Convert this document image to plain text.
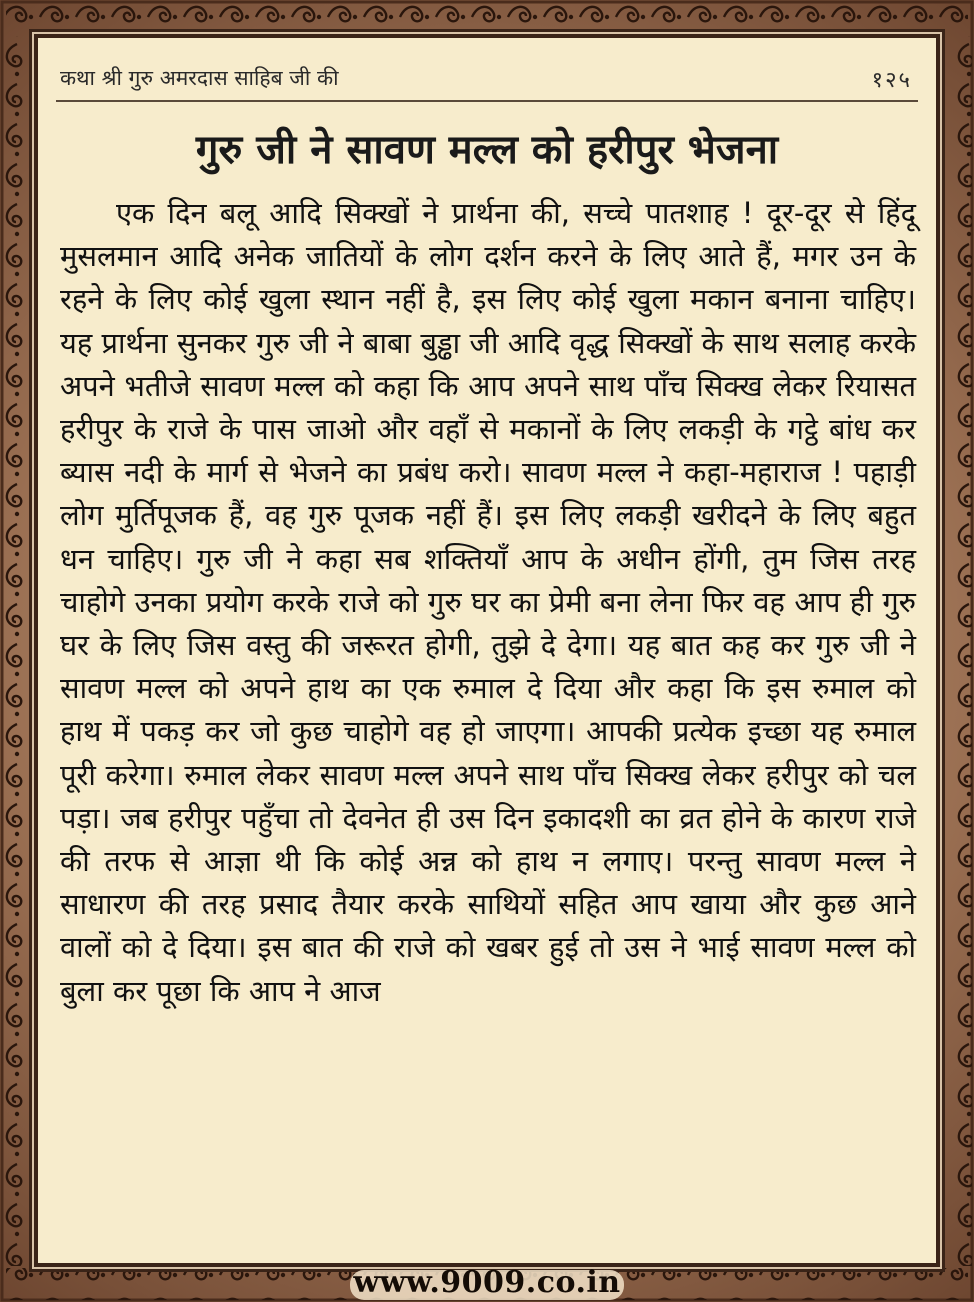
कथा श्री गुरु अमरदास साहिब जी की	१२५
गुरु जी ने सावण मल्ल को हरीपुर भेजना

एक दिन बलू आदि सिक्खों ने प्रार्थना की, सच्चे पातशाह ! दूर-दूर से हिंदू मुसलमान आदि अनेक जातियों के लोग दर्शन करने के लिए आते हैं, मगर उन के रहने के लिए कोई खुला स्थान नहीं है, इस लिए कोई खुला मकान बनाना चाहिए। यह प्रार्थना सुनकर गुरु जी ने बाबा बुड्ढा जी आदि वृद्ध सिक्खों के साथ सलाह करके अपने भतीजे सावण मल्ल को कहा कि आप अपने साथ पाँच सिक्ख लेकर रियासत हरीपुर के राजे के पास जाओ और वहाँ से मकानों के लिए लकड़ी के गट्ठे बांध कर ब्यास नदी के मार्ग से भेजने का प्रबंध करो। सावण मल्ल ने कहा-महाराज ! पहाड़ी लोग मुर्तिपूजक हैं, वह गुरु पूजक नहीं हैं। इस लिए लकड़ी खरीदने के लिए बहुत धन चाहिए। गुरु जी ने कहा सब शक्तियाँ आप के अधीन होंगी, तुम जिस तरह चाहोगे उनका प्रयोग करके राजे को गुरु घर का प्रेमी बना लेना फिर वह आप ही गुरु घर के लिए जिस वस्तु की जरूरत होगी, तुझे दे देगा। यह बात कह कर गुरु जी ने सावण मल्ल को अपने हाथ का एक रुमाल दे दिया और कहा कि इस रुमाल को हाथ में पकड़ कर जो कुछ चाहोगे वह हो जाएगा। आपकी प्रत्येक इच्छा यह रुमाल पूरी करेगा। रुमाल लेकर सावण मल्ल अपने साथ पाँच सिक्ख लेकर हरीपुर को चल पड़ा। जब हरीपुर पहुँचा तो देवनेत ही उस दिन इकादशी का व्रत होने के कारण राजे की तरफ से आज्ञा थी कि कोई अन्न को हाथ न लगाए। परन्तु सावण मल्ल ने साधारण की तरह प्रसाद तैयार करके साथियों सहित आप खाया और कुछ आने वालों को दे दिया। इस बात की राजे को खबर हुई तो उस ने भाई सावण मल्ल को बुला कर पूछा कि आप ने आज

www.9009.co.in
